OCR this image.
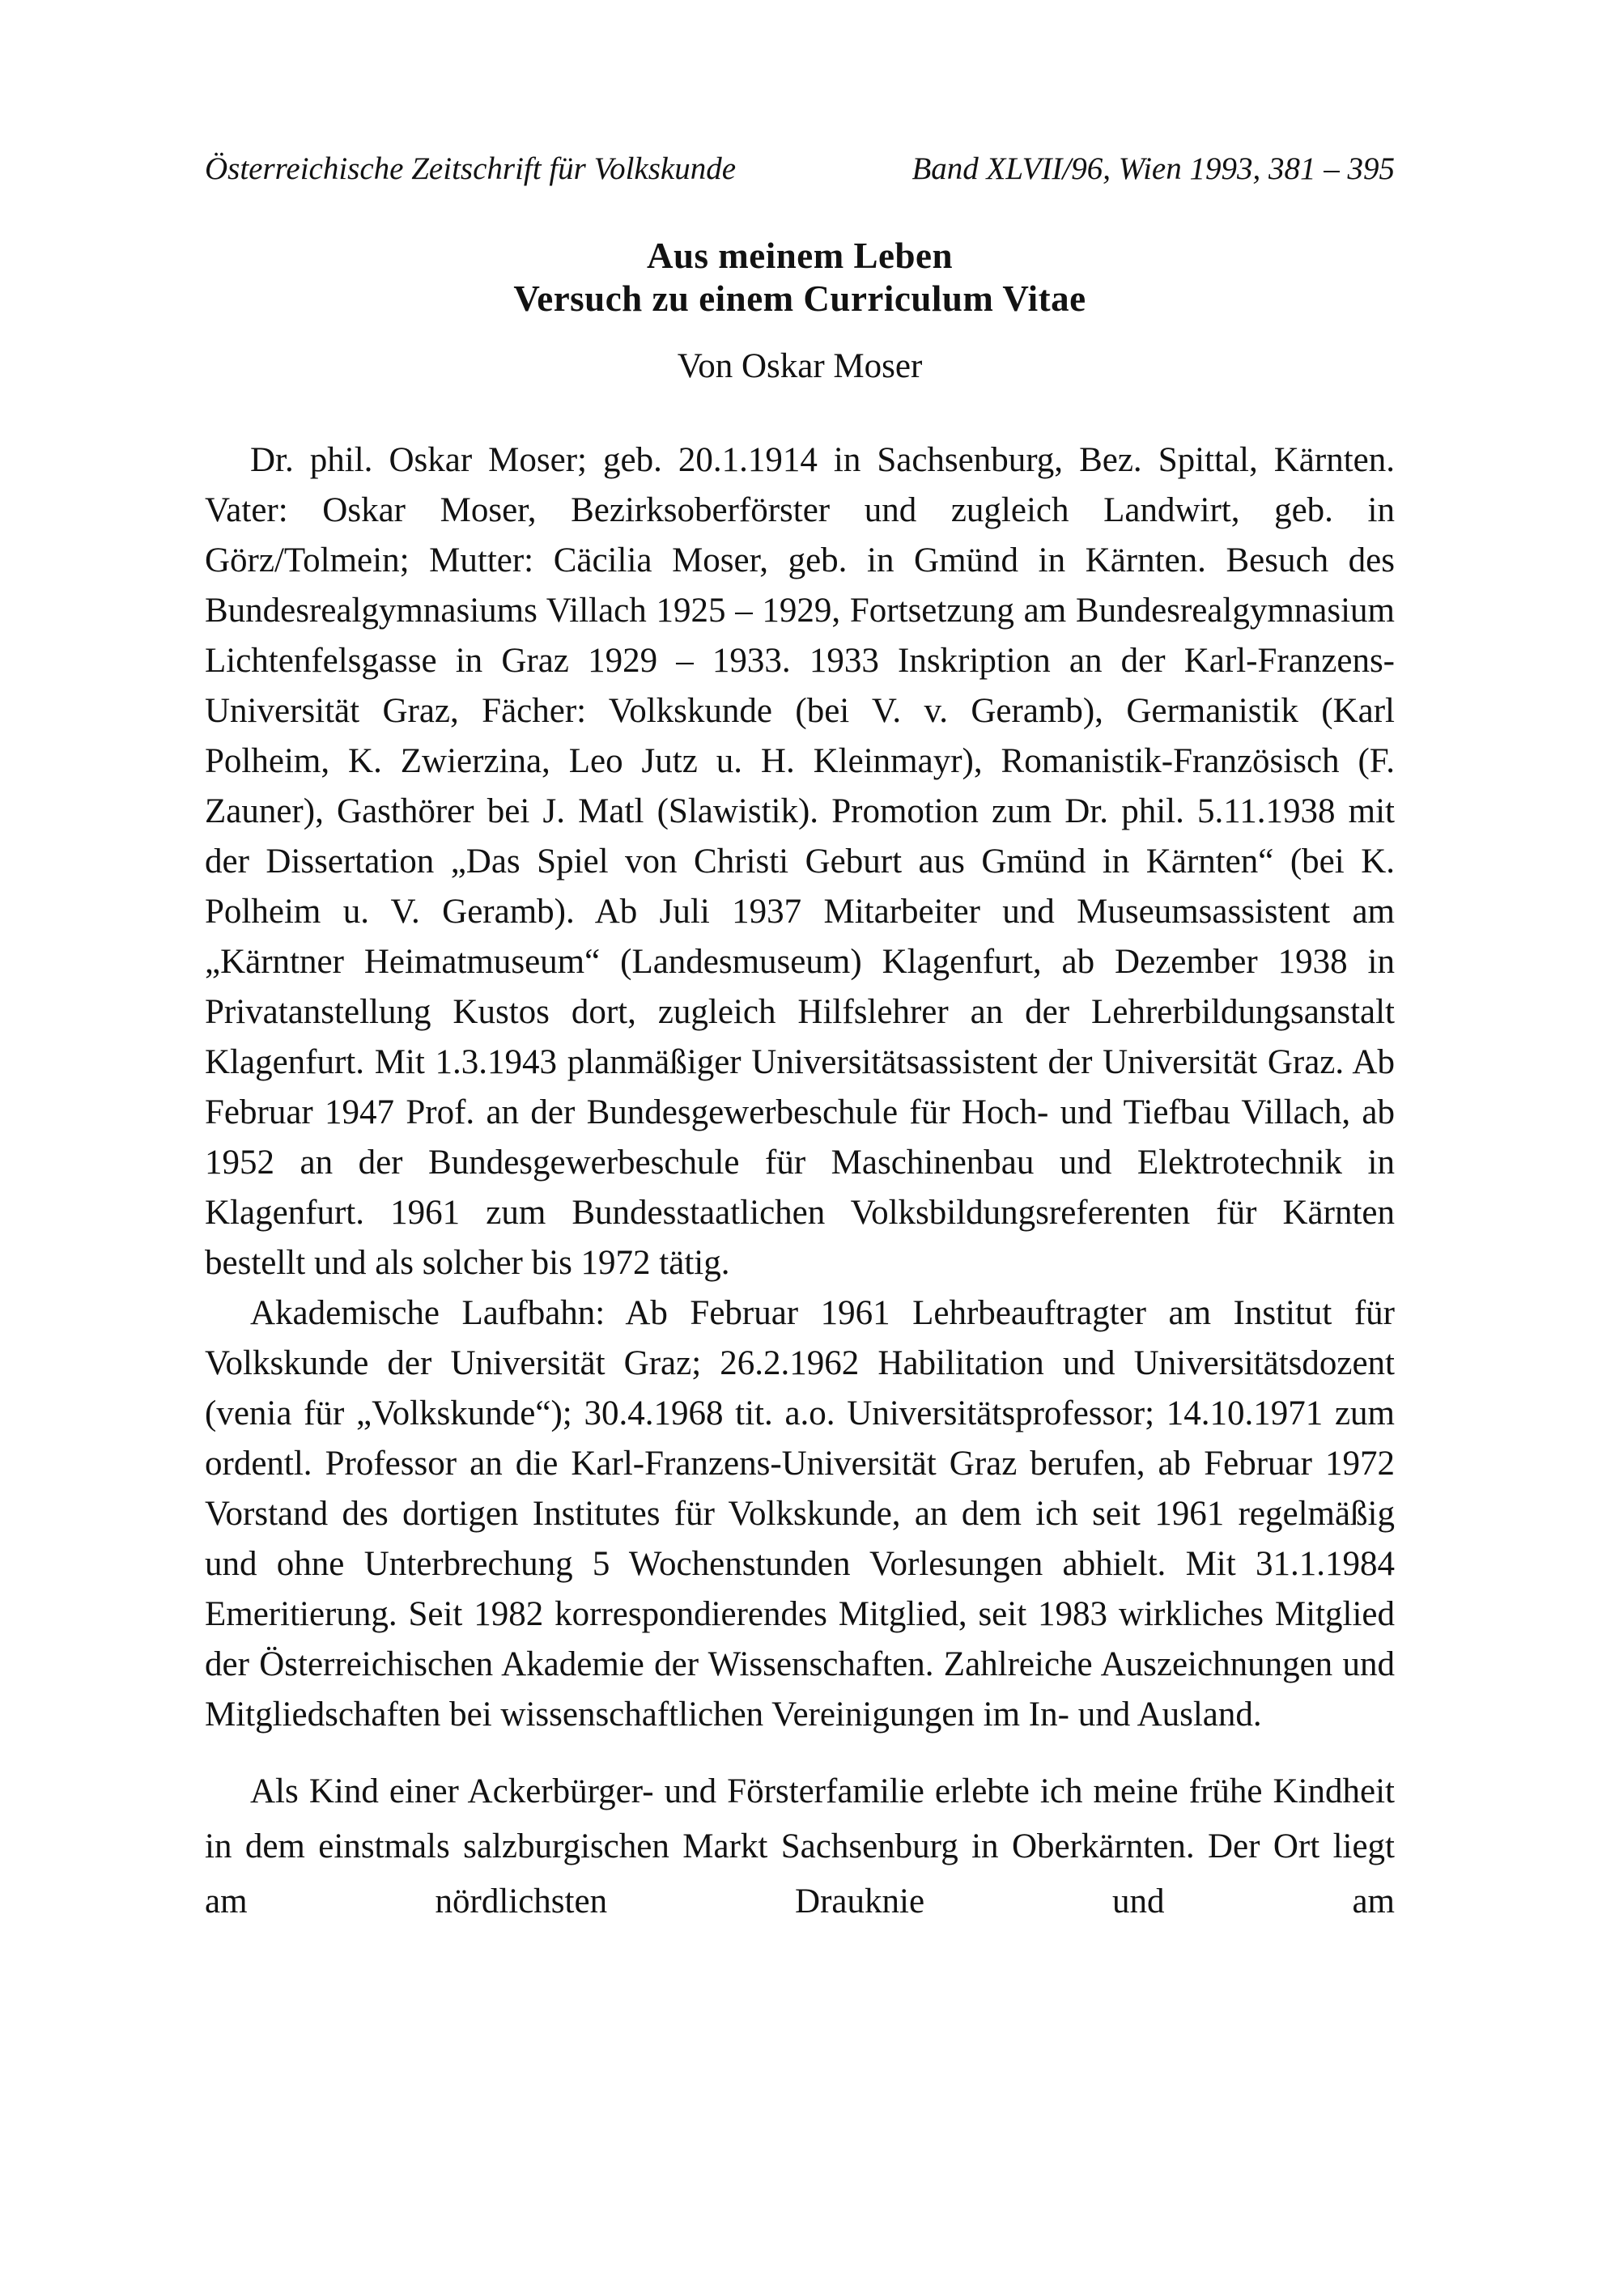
Österreichische Zeitschrift für Volkskunde	Band XLVII/96, Wien 1993, 381 – 395
Aus meinem Leben
Versuch zu einem Curriculum Vitae
Von Oskar Moser

Dr. phil. Oskar Moser; geb. 20.1.1914 in Sachsenburg, Bez. Spittal, Kärnten. Vater: Oskar Moser, Bezirksoberförster und zugleich Landwirt, geb. in Görz/Tolmein; Mutter: Cäcilia Moser, geb. in Gmünd in Kärnten. Besuch des Bundesrealgymnasiums Villach 1925 – 1929, Fortsetzung am Bundesrealgymnasium Lichtenfelsgasse in Graz 1929 – 1933. 1933 Inskription an der Karl-Franzens-Universität Graz, Fächer: Volkskunde (bei V. v. Geramb), Germanistik (Karl Polheim, K. Zwierzina, Leo Jutz u. H. Kleinmayr), Romanistik-Französisch (F. Zauner), Gasthörer bei J. Matl (Slawistik). Promotion zum Dr. phil. 5.11.1938 mit der Dissertation „Das Spiel von Christi Geburt aus Gmünd in Kärnten“ (bei K. Polheim u. V. Geramb). Ab Juli 1937 Mitarbeiter und Museumsassistent am „Kärntner Heimatmuseum“ (Landesmuseum) Klagenfurt, ab Dezember 1938 in Privatanstellung Kustos dort, zugleich Hilfslehrer an der Lehrerbildungsanstalt Klagenfurt. Mit 1.3.1943 planmäßiger Universitätsassistent der Universität Graz. Ab Februar 1947 Prof. an der Bundesgewerbeschule für Hoch- und Tiefbau Villach, ab 1952 an der Bundesgewerbeschule für Maschinenbau und Elektrotechnik in Klagenfurt. 1961 zum Bundesstaatlichen Volksbildungsreferenten für Kärnten bestellt und als solcher bis 1972 tätig.

Akademische Laufbahn: Ab Februar 1961 Lehrbeauftragter am Institut für Volkskunde der Universität Graz; 26.2.1962 Habilitation und Universitätsdozent (venia für „Volkskunde“); 30.4.1968 tit. a.o. Universitätsprofessor; 14.10.1971 zum ordentl. Professor an die Karl-Franzens-Universität Graz berufen, ab Februar 1972 Vorstand des dortigen Institutes für Volkskunde, an dem ich seit 1961 regelmäßig und ohne Unterbrechung 5 Wochenstunden Vorlesungen abhielt. Mit 31.1.1984 Emeritierung. Seit 1982 korrespondierendes Mitglied, seit 1983 wirkliches Mitglied der Österreichischen Akademie der Wissenschaften. Zahlreiche Auszeichnungen und Mitgliedschaften bei wissenschaftlichen Vereinigungen im In- und Ausland.

Als Kind einer Ackerbürger- und Försterfamilie erlebte ich meine frühe Kindheit in dem einstmals salzburgischen Markt Sachsenburg in Oberkärnten. Der Ort liegt am nördlichsten Drauknie und am
